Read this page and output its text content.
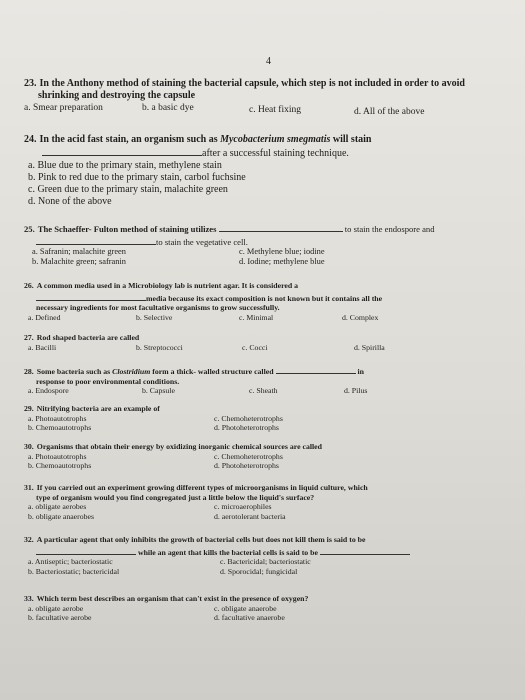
4
23. In the Anthony method of staining the bacterial capsule, which step is not included in order to avoid
shrinking and destroying the capsule
a. Smear preparation	b. a basic dye	c. Heat fixing	d. All of the above
24. In the acid fast stain, an organism such as Mycobacterium smegmatis will stain
after a successful staining technique.
a. Blue due to the primary stain, methylene stain
b. Pink to red due to the primary stain, carbol fuchsine
c. Green due to the primary stain, malachite green
d. None of the above
25. The Schaeffer- Fulton method of staining utilizes	to stain the endospore and
to stain the vegetative cell.
a. Safranin; malachite green	c. Methylene blue; iodine
b. Malachite green; safranin	d. Iodine; methylene blue
26. A common media used in a Microbiology lab is nutrient agar. It is considered a
media because its exact composition is not known but it contains all the
necessary ingredients for most facultative organisms to grow successfully.
a. Defined	b. Selective	c. Minimal	d. Complex
27. Rod shaped bacteria are called
a. Bacilli	b. Streptococci	c. Cocci	d. Spirilla
28. Some bacteria such as Clostridium form a thick- walled structure called	in
response to poor environmental conditions.
a. Endospore	b. Capsule	c. Sheath	d. Pilus
29. Nitrifying bacteria are an example of
a. Photoautotrophs	c. Chemoheterotrophs
b. Chemoautotrophs	d. Photoheterotrophs
30. Organisms that obtain their energy by oxidizing inorganic chemical sources are called
a. Photoautotrophs	c. Chemoheterotrophs
b. Chemoautotrophs	d. Photoheterotrophs
31. If you carried out an experiment growing different types of microorganisms in liquid culture, which
type of organism would you find congregated just a little below the liquid's surface?
a. obligate aerobes	c. microaerophiles
b. obligate anaerobes	d. aerotolerant bacteria
32. A particular agent that only inhibits the growth of bacterial cells but does not kill them is said to be
while an agent that kills the bacterial cells is said to be
a. Antiseptic; bacteriostatic	c. Bactericidal; bacteriostatic
b. Bacteriostatic; bactericidal	d. Sporocidal; fungicidal
33. Which term best describes an organism that can't exist in the presence of oxygen?
a. obligate aerobe	c. obligate anaerobe
b. facultative aerobe	d. facultative anaerobe
